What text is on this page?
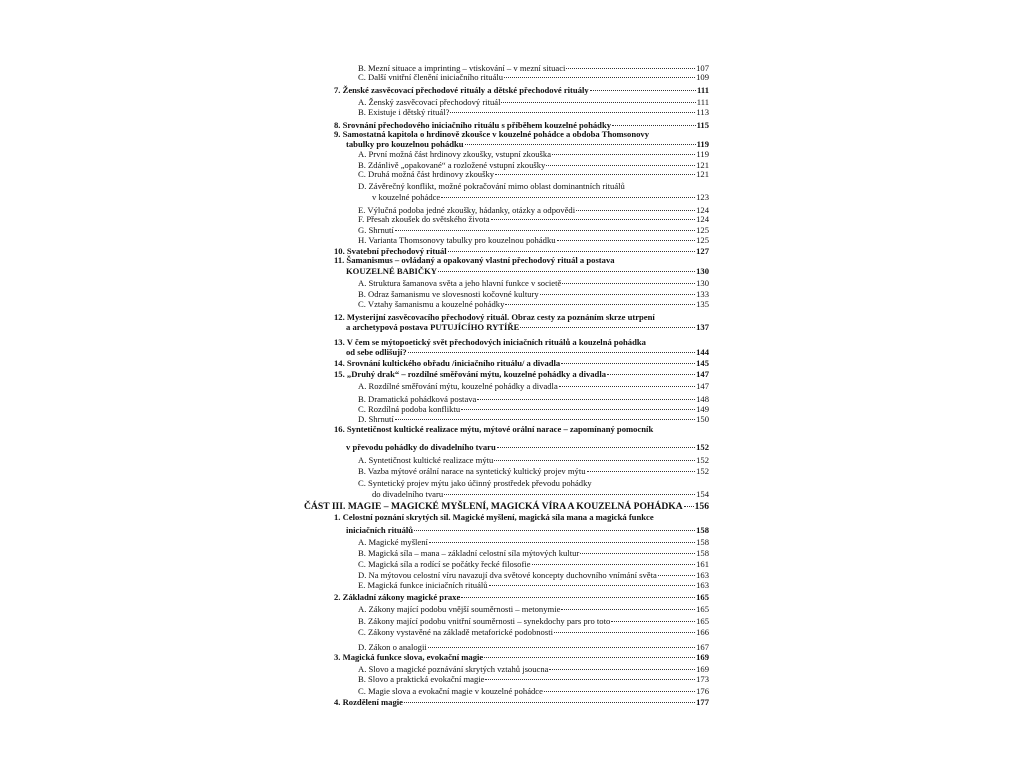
B. Mezní situace a imprinting – vtiskování – v mezní situaci	107
C. Další vnitřní členění iniciačního rituálu	109
7. Ženské zasvěcovací přechodové rituály a dětské přechodové rituály	111
A. Ženský zasvěcovací přechodový rituál	111
B. Existuje i dětský rituál?	113
8. Srovnání přechodového iniciačního rituálu s příběhem kouzelné pohádky	115
9. Samostatná kapitola o hrdinově zkoušce v kouzelné pohádce a obdoba Thomsonovy
tabulky pro kouzelnou pohádku	119
A. První možná část hrdinovy zkoušky, vstupní zkouška	119
B. Zdánlivě „opakované“ a rozložené vstupní zkoušky	121
C. Druhá možná část hrdinovy zkoušky	121
D. Závěrečný konflikt, možné pokračování mimo oblast dominantních rituálů
v kouzelné pohádce	123
E. Výlučná podoba jedné zkoušky, hádanky, otázky a odpovědi	124
F. Přesah zkoušek do světského života	124
G. Shrnutí	125
H. Varianta Thomsonovy tabulky pro kouzelnou pohádku	125
10. Svatební přechodový rituál	127
11. Šamanismus – ovládaný a opakovaný vlastní přechodový rituál a postava
KOUZELNÉ BABIČKY	130
A. Struktura šamanova světa a jeho hlavní funkce v societě	130
B. Odraz šamanismu ve slovesnosti kočovné kultury	133
C. Vztahy šamanismu a kouzelné pohádky	135
12. Mysterijní zasvěcovacího přechodový rituál. Obraz cesty za poznáním skrze utrpení
a archetypová postava PUTUJÍCÍHO RYTÍŘE	137
13. V čem se mýtopoetický svět přechodových iniciačních rituálů a kouzelná pohádka
od sebe odlišují?	144
14. Srovnání kultického obřadu /iniciačního rituálu/ a divadla	145
15. „Druhý drak“ – rozdílné směřování mýtu, kouzelné pohádky a divadla	147
A. Rozdílné směřování mýtu, kouzelné pohádky a divadla	147
B. Dramatická pohádková postava	148
C. Rozdílná podoba konfliktu	149
D. Shrnutí	150
16. Syntetičnost kultické realizace mýtu, mýtové orální narace – zapomínaný pomocník
v převodu pohádky do divadelního tvaru	152
A. Syntetičnost kultické realizace mýtu	152
B. Vazba mýtové orální narace na syntetický kultický projev mýtu	152
C. Syntetický projev mýtu jako účinný prostředek převodu pohádky
do divadelního tvaru	154
ČÁST III. MAGIE – MAGICKÉ MYŠLENÍ, MAGICKÁ VÍRA A KOUZELNÁ POHÁDKA 156
1. Celostní poznání skrytých sil. Magické myšlení, magická síla mana a magická funkce
iniciačních rituálů	158
A. Magické myšlení	158
B. Magická síla – mana – základní celostní síla mýtových kultur	158
C. Magická síla a rodící se počátky řecké filosofie	161
D. Na mýtovou celostní víru navazují dva světové koncepty duchovního vnímání světa	163
E. Magická funkce iniciačních rituálů	163
2. Základní zákony magické praxe	165
A. Zákony mající podobu vnější souměrnosti – metonymie	165
B. Zákony mající podobu vnitřní souměrnosti – synekdochy pars pro toto	165
C. Zákony vystavěné na základě metaforické podobnosti	166
D. Zákon o analogii	167
3. Magická funkce slova, evokační magie	169
A. Slovo a magické poznávání skrytých vztahů jsoucna	169
B. Slovo a praktická evokační magie	173
C. Magie slova a evokační magie v kouzelné pohádce	176
4. Rozdělení magie	177
